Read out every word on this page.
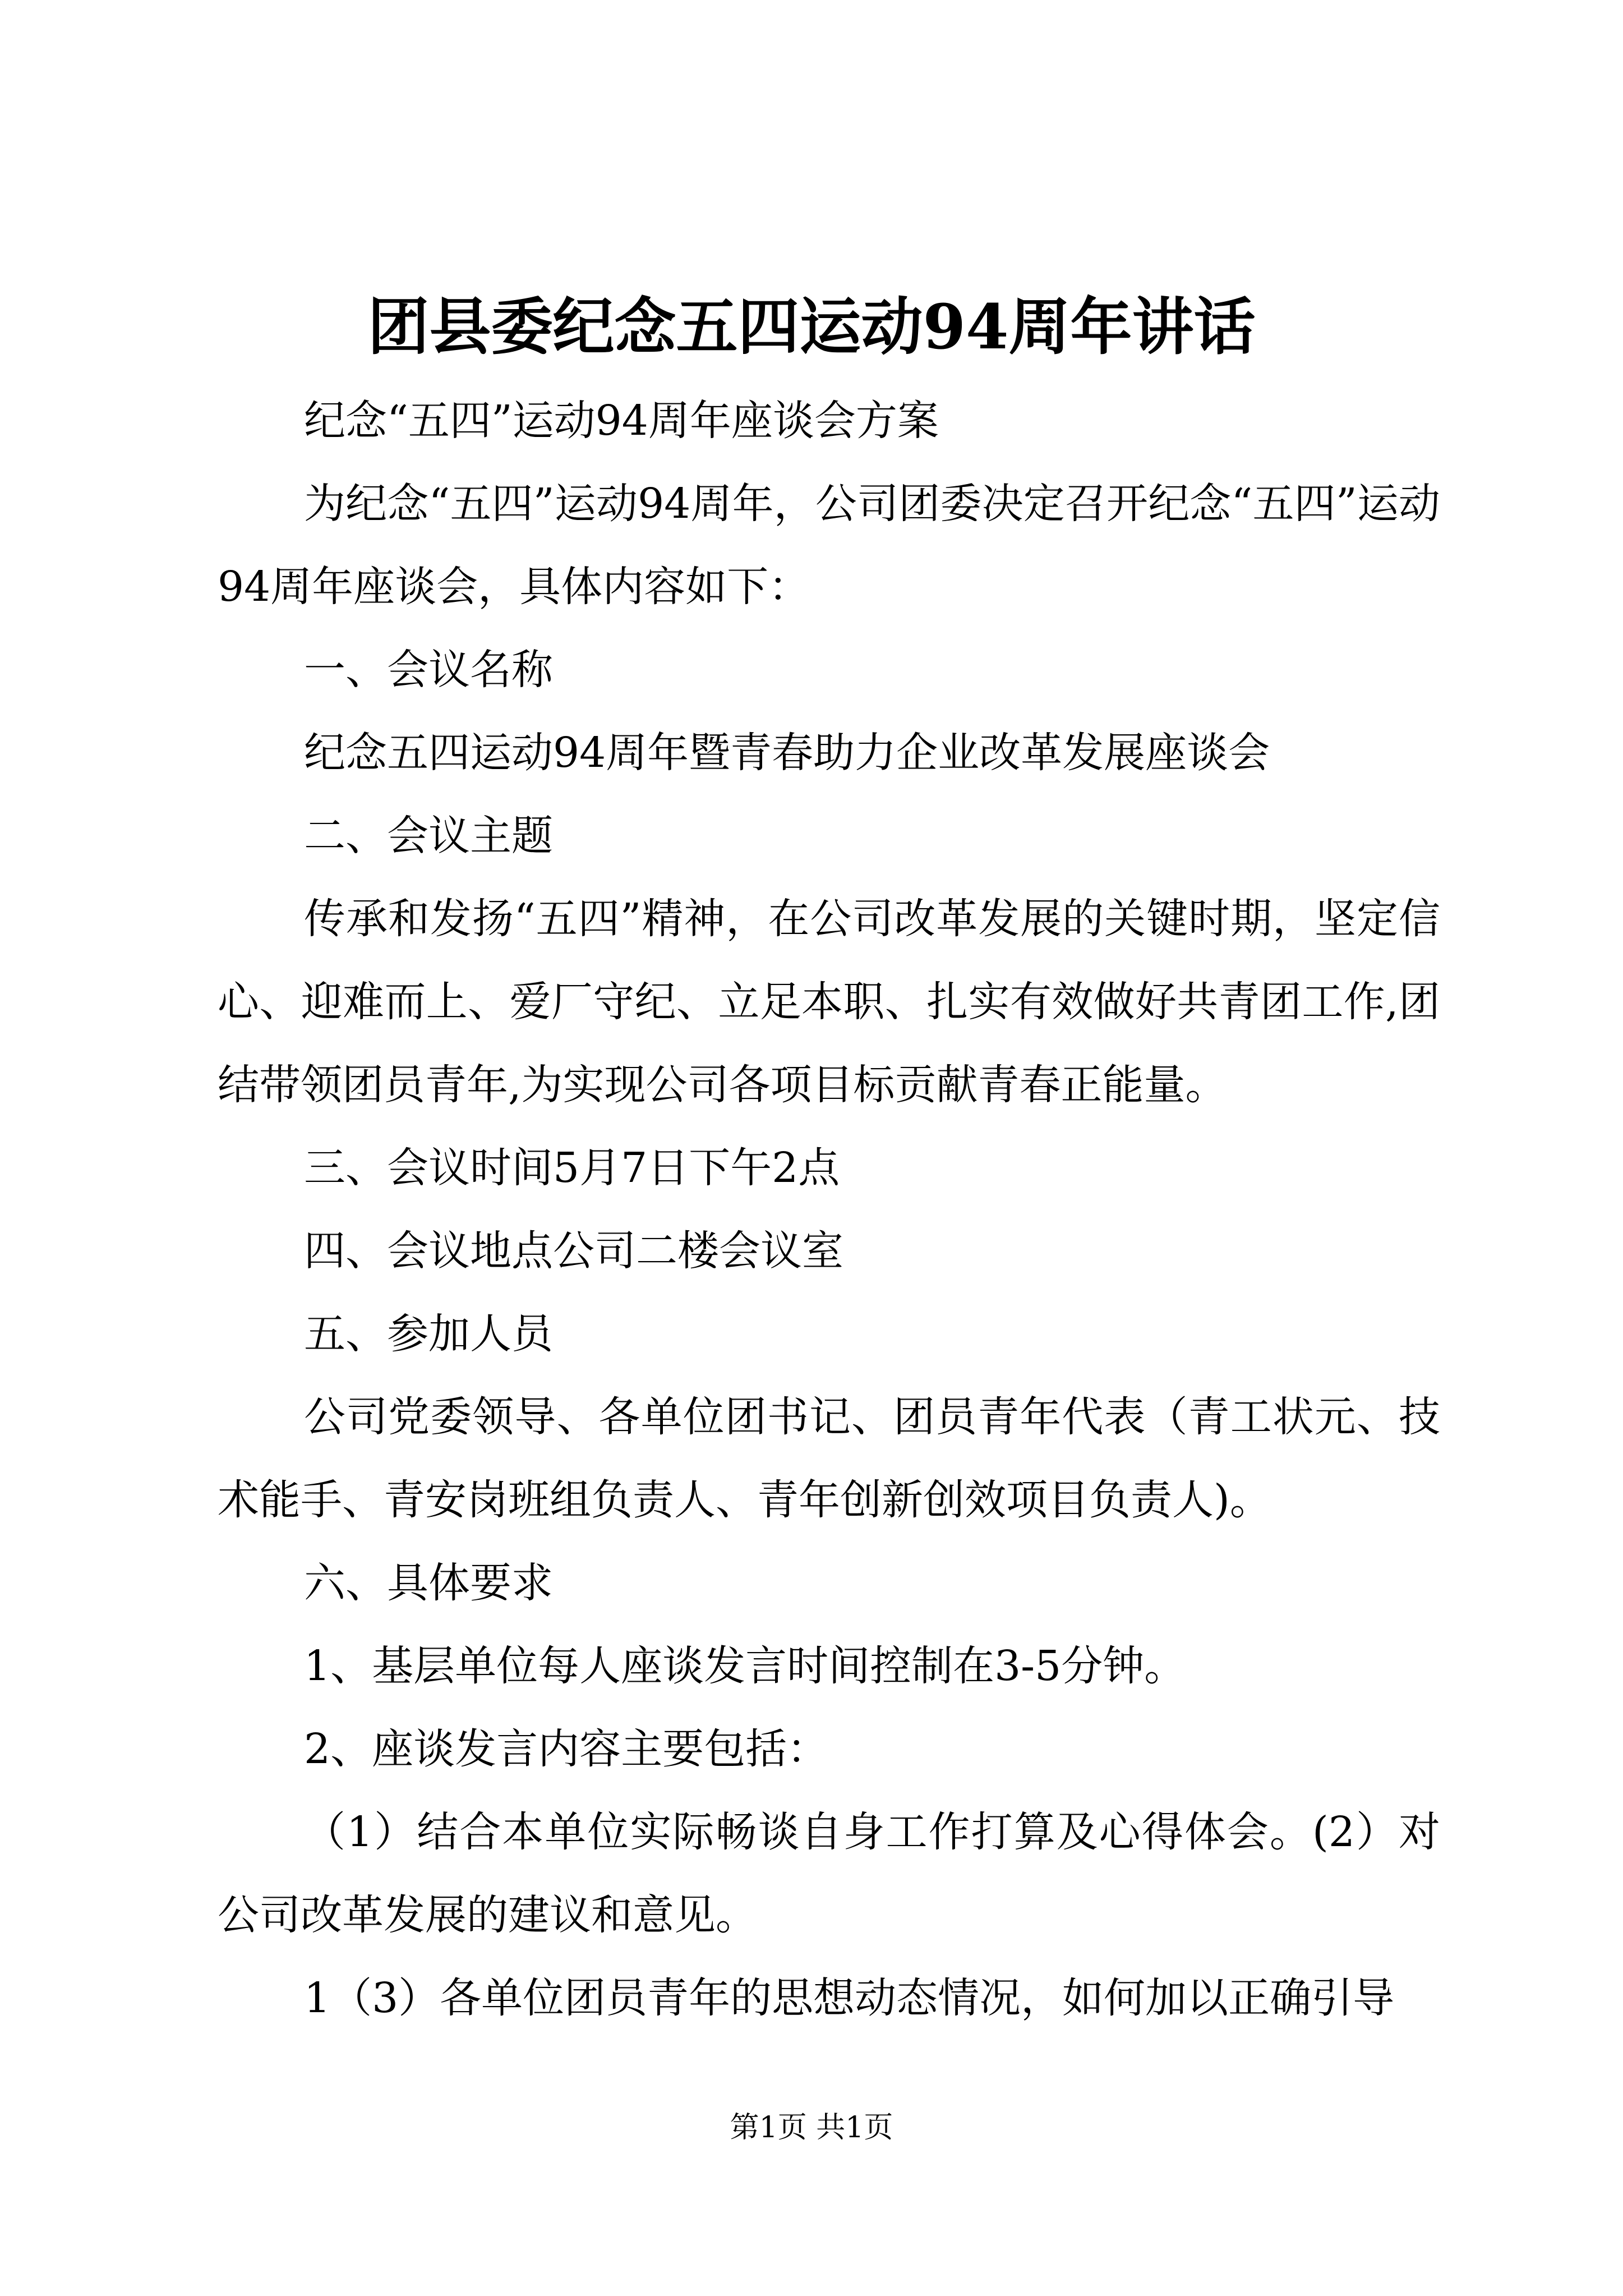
团县委纪念五四运动94周年讲话

纪念“五四”运动94周年座谈会方案

为纪念“五四”运动94周年，公司团委决定召开纪念“五四”运动94周年座谈会，具体内容如下：

一、会议名称

纪念五四运动94周年暨青春助力企业改革发展座谈会

二、会议主题

传承和发扬“五四”精神，在公司改革发展的关键时期，坚定信心、迎难而上、爱厂守纪、立足本职、扎实有效做好共青团工作,团结带领团员青年,为实现公司各项目标贡献青春正能量。

三、会议时间5月7日下午2点

四、会议地点公司二楼会议室

五、参加人员

公司党委领导、各单位团书记、团员青年代表（青工状元、技术能手、青安岗班组负责人、青年创新创效项目负责人)。

六、具体要求

1、基层单位每人座谈发言时间控制在3-5分钟。

2、座谈发言内容主要包括：

（1）结合本单位实际畅谈自身工作打算及心得体会。(2）对公司改革发展的建议和意见。

1（3）各单位团员青年的思想动态情况，如何加以正确引导

第1页 共1页
